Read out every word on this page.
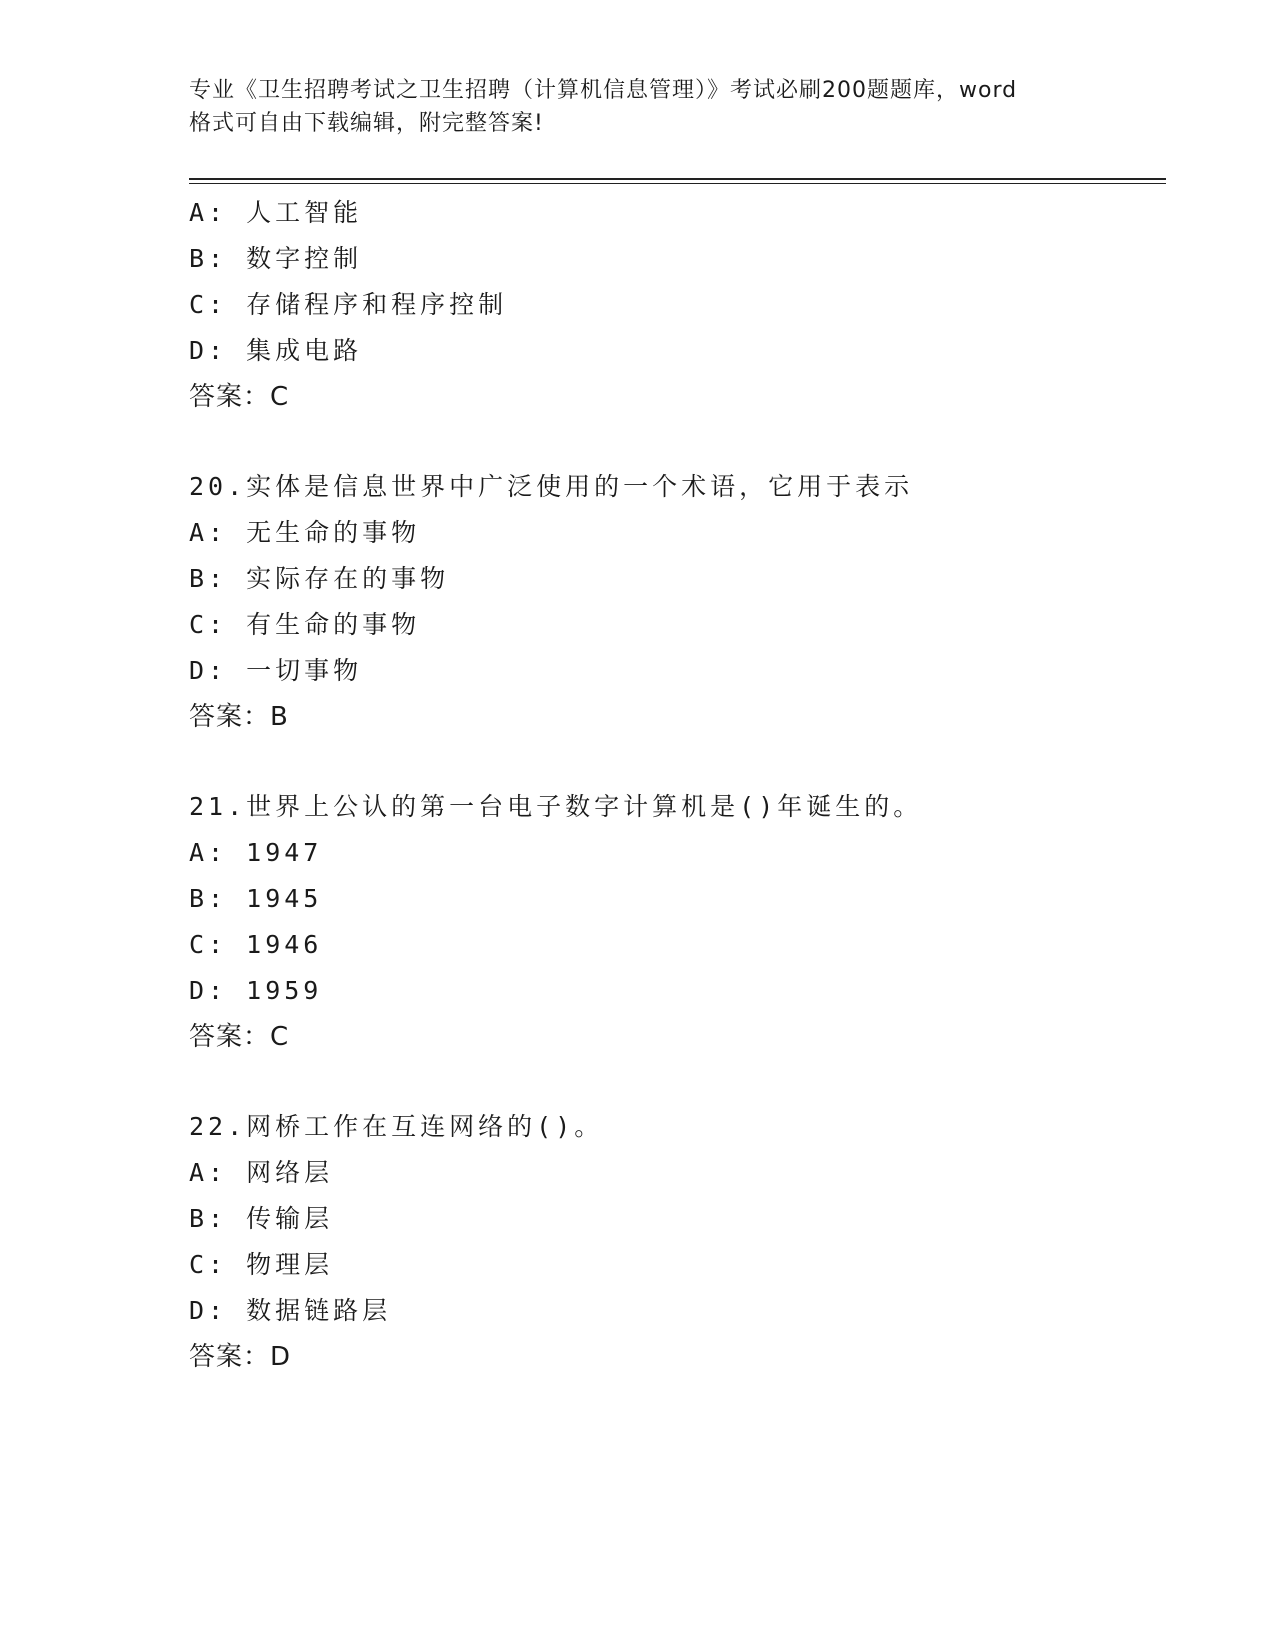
专业《卫生招聘考试之卫生招聘（计算机信息管理）》考试必刷200题题库，word
格式可自由下载编辑，附完整答案!
A: 人工智能
B: 数字控制
C: 存储程序和程序控制
D: 集成电路
答案：C
20.实体是信息世界中广泛使用的一个术语，它用于表示
A: 无生命的事物
B: 实际存在的事物
C: 有生命的事物
D: 一切事物
答案：B
21.世界上公认的第一台电子数字计算机是()年诞生的。
A: 1947
B: 1945
C: 1946
D: 1959
答案：C
22.网桥工作在互连网络的()。
A: 网络层
B: 传输层
C: 物理层
D: 数据链路层
答案：D
